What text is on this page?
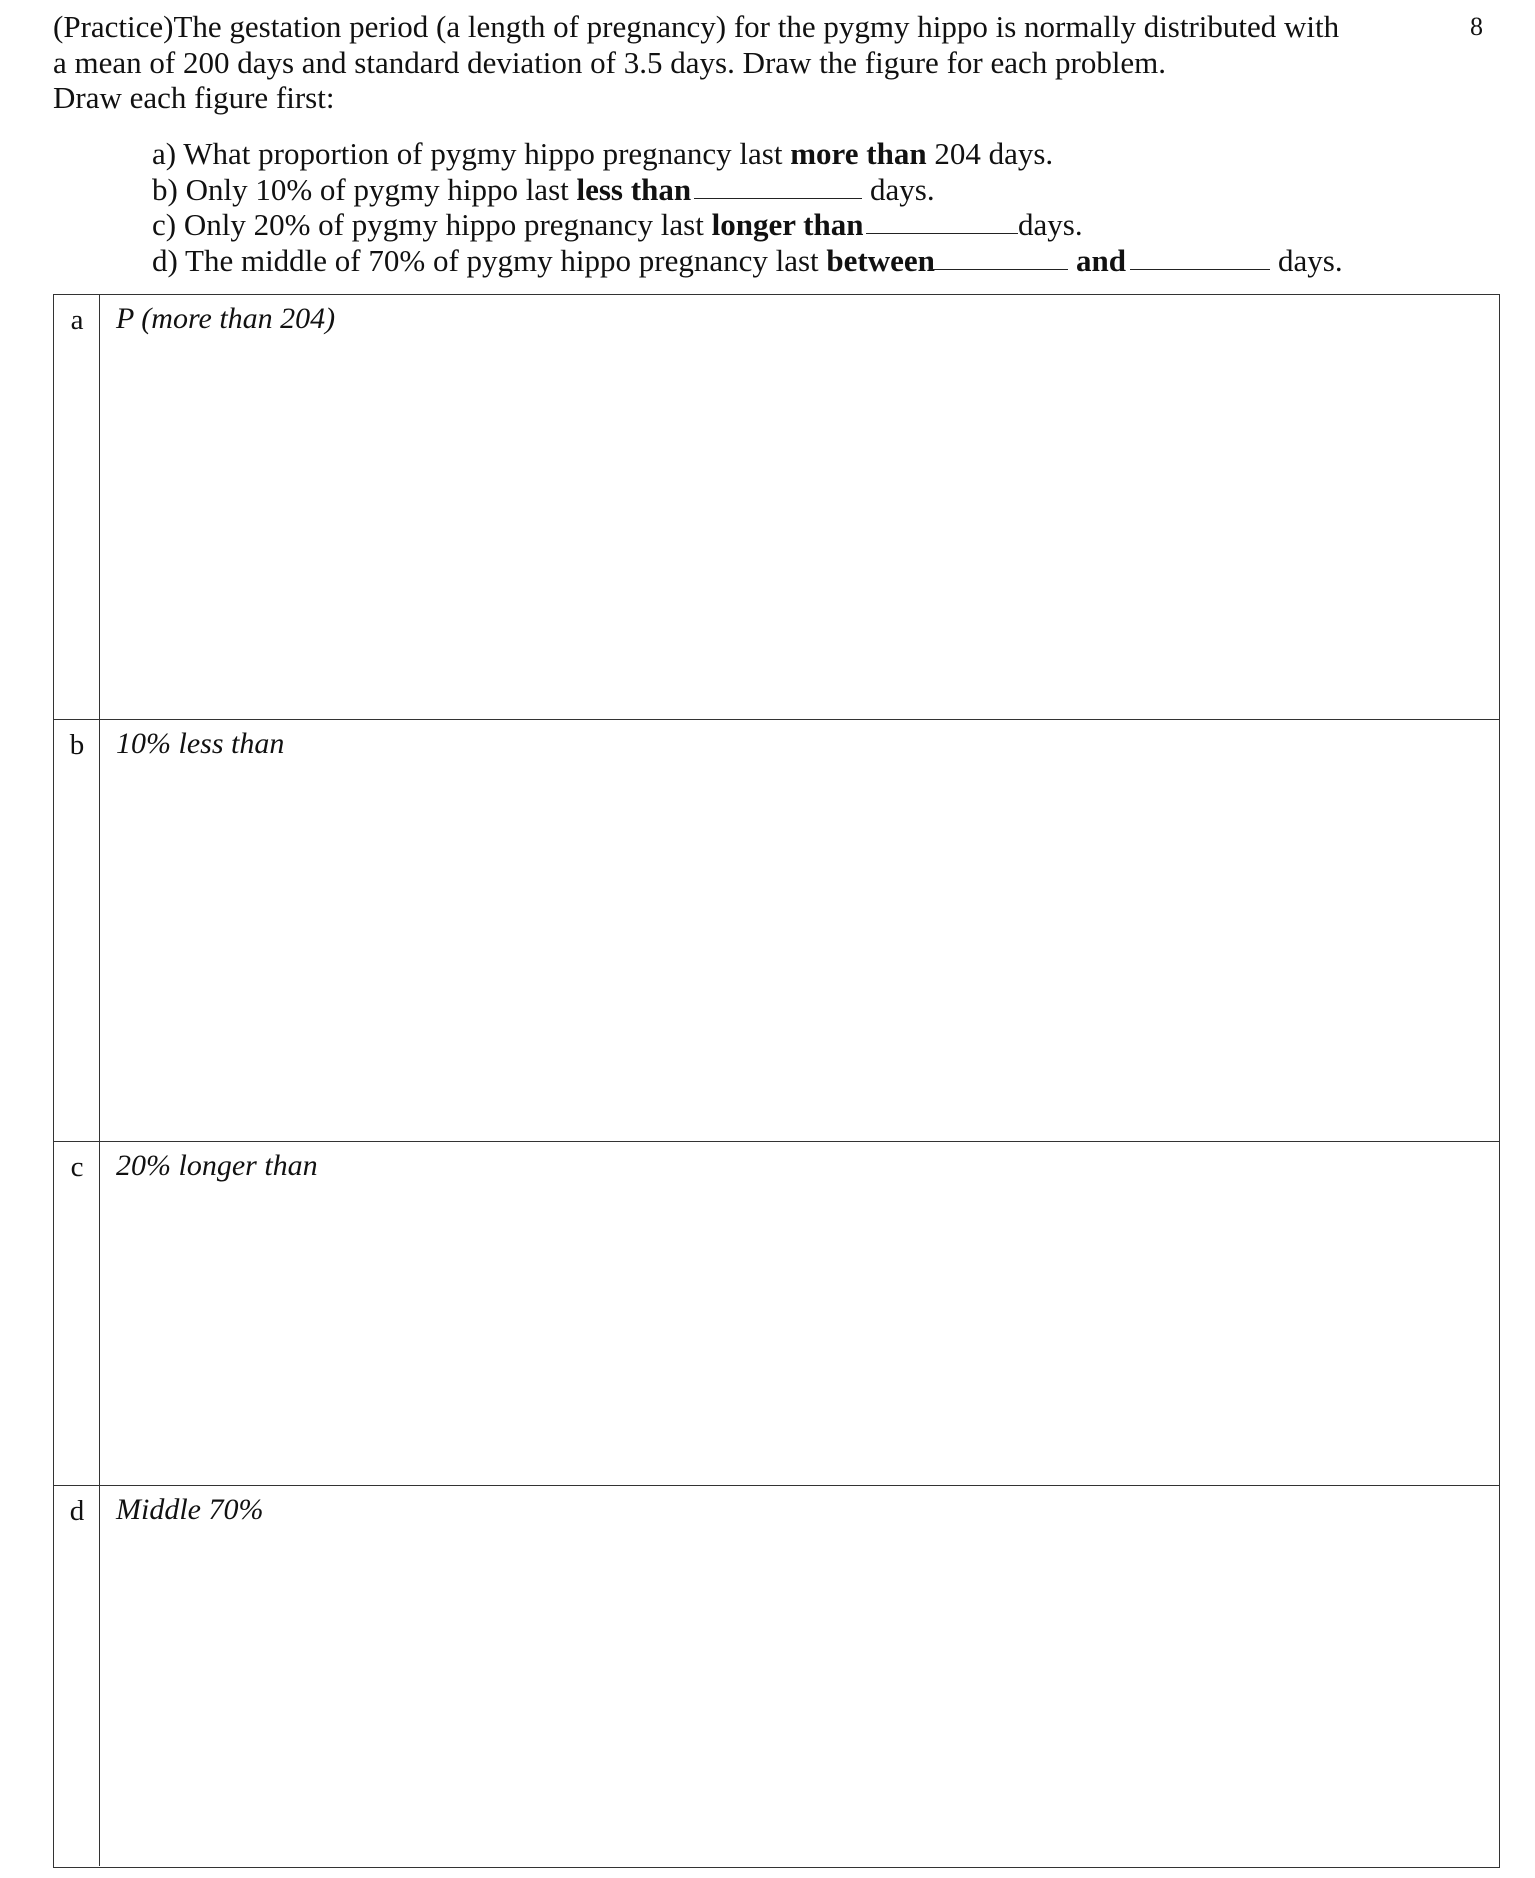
8
(Practice)The gestation period (a length of pregnancy) for the pygmy hippo is normally distributed with
a mean of 200 days and standard deviation of 3.5 days. Draw the figure for each problem.
Draw each figure first:
a) What proportion of pygmy hippo pregnancy last more than 204 days.
b) Only 10% of pygmy hippo last less than	days.
c) Only 20% of pygmy hippo pregnancy last longer than	days.
d) The middle of 70% of pygmy hippo pregnancy last between	and	days.
a	P (more than 204)
b	10% less than
c	20% longer than
d	Middle 70%
